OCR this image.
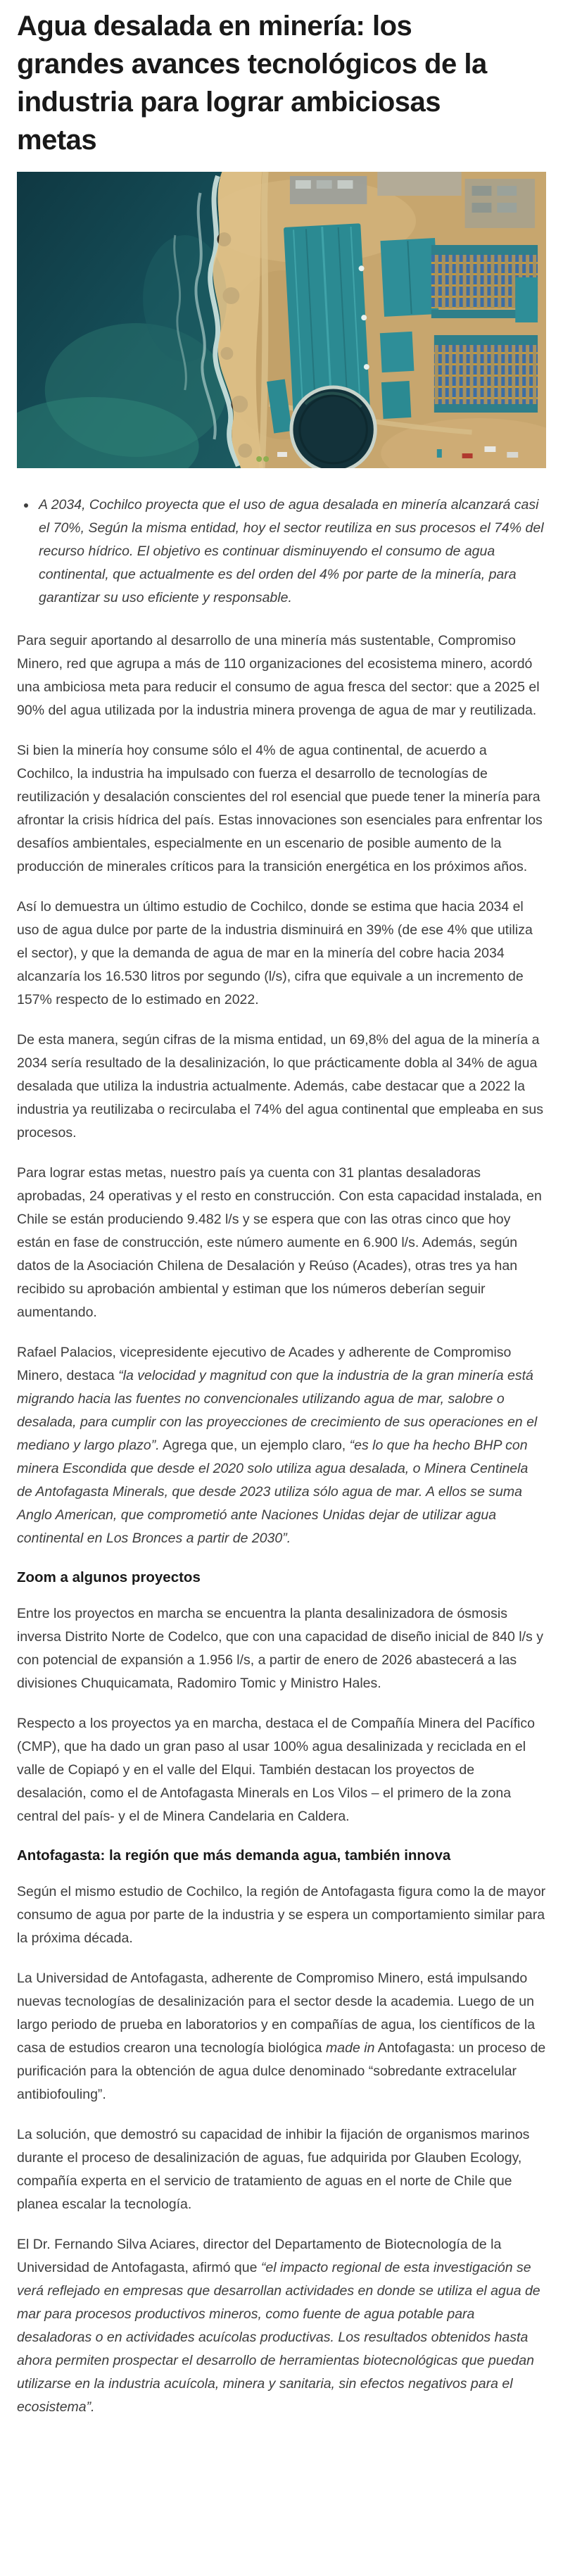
Agua desalada en minería: los grandes avances tecnológicos de la industria para lograr ambiciosas metas
• A 2034, Cochilco proyecta que el uso de agua desalada en minería alcanzará casi el 70%, Según la misma entidad, hoy el sector reutiliza en sus procesos el 74% del recurso hídrico. El objetivo es continuar disminuyendo el consumo de agua continental, que actualmente es del orden del 4% por parte de la minería, para garantizar su uso eficiente y responsable.

Para seguir aportando al desarrollo de una minería más sustentable, Compromiso Minero, red que agrupa a más de 110 organizaciones del ecosistema minero, acordó una ambiciosa meta para reducir el consumo de agua fresca del sector: que a 2025 el 90% del agua utilizada por la industria minera provenga de agua de mar y reutilizada.

Si bien la minería hoy consume sólo el 4% de agua continental, de acuerdo a Cochilco, la industria ha impulsado con fuerza el desarrollo de tecnologías de reutilización y desalación conscientes del rol esencial que puede tener la minería para afrontar la crisis hídrica del país. Estas innovaciones son esenciales para enfrentar los desafíos ambientales, especialmente en un escenario de posible aumento de la producción de minerales críticos para la transición energética en los próximos años.

Así lo demuestra un último estudio de Cochilco, donde se estima que hacia 2034 el uso de agua dulce por parte de la industria disminuirá en 39% (de ese 4% que utiliza el sector), y que la demanda de agua de mar en la minería del cobre hacia 2034 alcanzaría los 16.530 litros por segundo (l/s), cifra que equivale a un incremento de 157% respecto de lo estimado en 2022.

De esta manera, según cifras de la misma entidad, un 69,8% del agua de la minería a 2034 sería resultado de la desalinización, lo que prácticamente dobla al 34% de agua desalada que utiliza la industria actualmente. Además, cabe destacar que a 2022 la industria ya reutilizaba o recirculaba el 74% del agua continental que empleaba en sus procesos.

Para lograr estas metas, nuestro país ya cuenta con 31 plantas desaladoras aprobadas, 24 operativas y el resto en construcción. Con esta capacidad instalada, en Chile se están produciendo 9.482 l/s y se espera que con las otras cinco que hoy están en fase de construcción, este número aumente en 6.900 l/s. Además, según datos de la Asociación Chilena de Desalación y Reúso (Acades), otras tres ya han recibido su aprobación ambiental y estiman que los números deberían seguir aumentando.

Rafael Palacios, vicepresidente ejecutivo de Acades y adherente de Compromiso Minero, destaca “la velocidad y magnitud con que la industria de la gran minería está migrando hacia las fuentes no convencionales utilizando agua de mar, salobre o desalada, para cumplir con las proyecciones de crecimiento de sus operaciones en el mediano y largo plazo”. Agrega que, un ejemplo claro, “es lo que ha hecho BHP con minera Escondida que desde el 2020 solo utiliza agua desalada, o Minera Centinela de Antofagasta Minerals, que desde 2023 utiliza sólo agua de mar. A ellos se suma Anglo American, que comprometió ante Naciones Unidas dejar de utilizar agua continental en Los Bronces a partir de 2030”.

Zoom a algunos proyectos

Entre los proyectos en marcha se encuentra la planta desalinizadora de ósmosis inversa Distrito Norte de Codelco, que con una capacidad de diseño inicial de 840 l/s y con potencial de expansión a 1.956 l/s, a partir de enero de 2026 abastecerá a las divisiones Chuquicamata, Radomiro Tomic y Ministro Hales.

Respecto a los proyectos ya en marcha, destaca el de Compañía Minera del Pacífico (CMP), que ha dado un gran paso al usar 100% agua desalinizada y reciclada en el valle de Copiapó y en el valle del Elqui. También destacan los proyectos de desalación, como el de Antofagasta Minerals en Los Vilos – el primero de la zona central del país- y el de Minera Candelaria en Caldera.

Antofagasta: la región que más demanda agua, también innova

Según el mismo estudio de Cochilco, la región de Antofagasta figura como la de mayor consumo de agua por parte de la industria y se espera un comportamiento similar para la próxima década.

La Universidad de Antofagasta, adherente de Compromiso Minero, está impulsando nuevas tecnologías de desalinización para el sector desde la academia. Luego de un largo periodo de prueba en laboratorios y en compañías de agua, los científicos de la casa de estudios crearon una tecnología biológica made in Antofagasta: un proceso de purificación para la obtención de agua dulce denominado “sobredante extracelular antibiofouling”.

La solución, que demostró su capacidad de inhibir la fijación de organismos marinos durante el proceso de desalinización de aguas, fue adquirida por Glauben Ecology, compañía experta en el servicio de tratamiento de aguas en el norte de Chile que planea escalar la tecnología.

El Dr. Fernando Silva Aciares, director del Departamento de Biotecnología de la Universidad de Antofagasta, afirmó que “el impacto regional de esta investigación se verá reflejado en empresas que desarrollan actividades en donde se utiliza el agua de mar para procesos productivos mineros, como fuente de agua potable para desaladoras o en actividades acuícolas productivas. Los resultados obtenidos hasta ahora permiten prospectar el desarrollo de herramientas biotecnológicas que puedan utilizarse en la industria acuícola, minera y sanitaria, sin efectos negativos para el ecosistema”.
